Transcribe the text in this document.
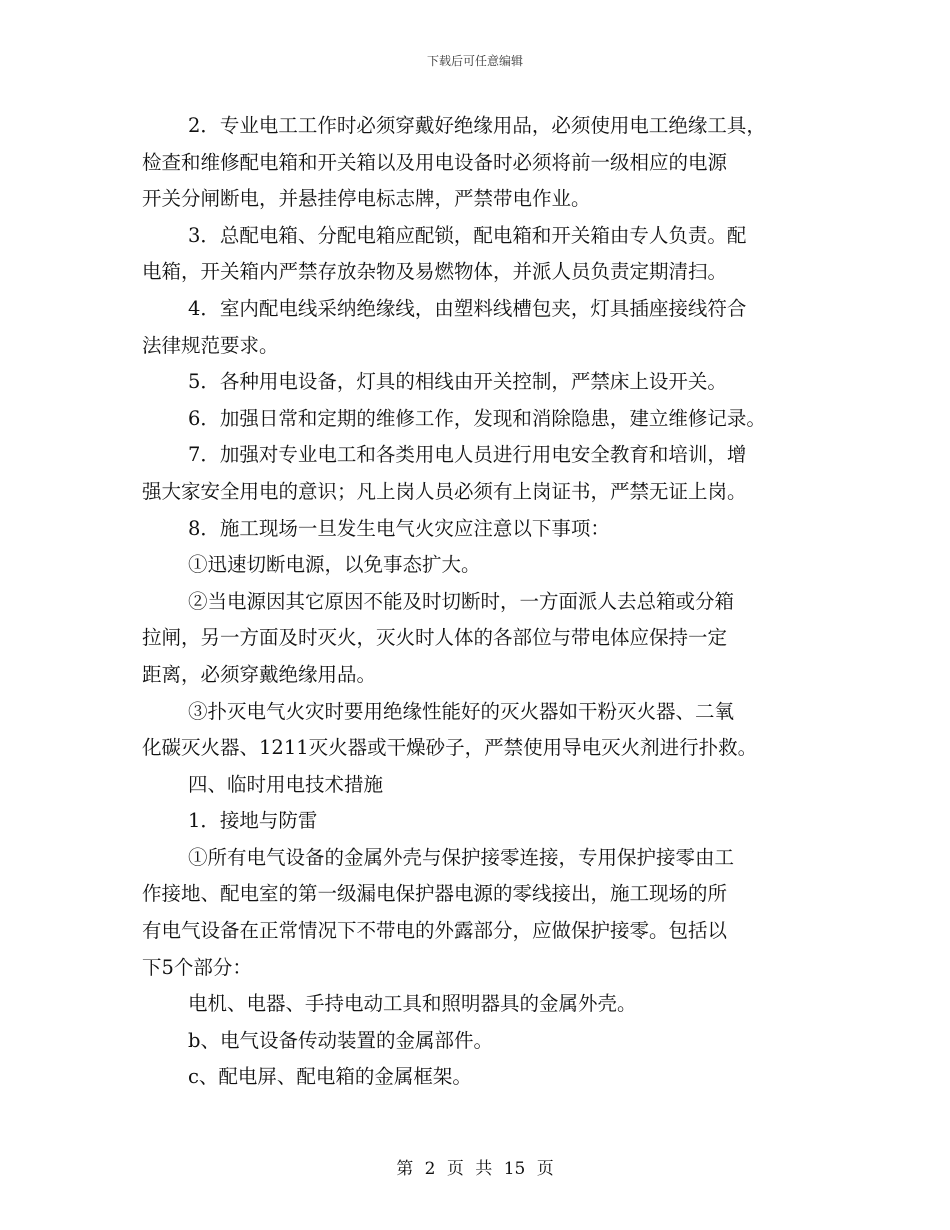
下载后可任意编辑
2．专业电工工作时必须穿戴好绝缘用品，必须使用电工绝缘工具，
检查和维修配电箱和开关箱以及用电设备时必须将前一级相应的电源
开关分闸断电，并悬挂停电标志牌，严禁带电作业。
3．总配电箱、分配电箱应配锁，配电箱和开关箱由专人负责。配
电箱，开关箱内严禁存放杂物及易燃物体，并派人员负责定期清扫。
4．室内配电线采纳绝缘线，由塑料线槽包夹，灯具插座接线符合
法律规范要求。
5．各种用电设备，灯具的相线由开关控制，严禁床上设开关。
6．加强日常和定期的维修工作，发现和消除隐患，建立维修记录。
7．加强对专业电工和各类用电人员进行用电安全教育和培训，增
强大家安全用电的意识；凡上岗人员必须有上岗证书，严禁无证上岗。
8．施工现场一旦发生电气火灾应注意以下事项：
①迅速切断电源，以免事态扩大。
②当电源因其它原因不能及时切断时，一方面派人去总箱或分箱
拉闸，另一方面及时灭火，灭火时人体的各部位与带电体应保持一定
距离，必须穿戴绝缘用品。
③扑灭电气火灾时要用绝缘性能好的灭火器如干粉灭火器、二氧
化碳灭火器、1211灭火器或干燥砂子，严禁使用导电灭火剂进行扑救。
四、临时用电技术措施
1．接地与防雷
①所有电气设备的金属外壳与保护接零连接，专用保护接零由工
作接地、配电室的第一级漏电保护器电源的零线接出，施工现场的所
有电气设备在正常情况下不带电的外露部分，应做保护接零。包括以
下5个部分：
电机、电器、手持电动工具和照明器具的金属外壳。
b、电气设备传动装置的金属部件。
c、配电屏、配电箱的金属框架。
第 2 页 共 15 页
